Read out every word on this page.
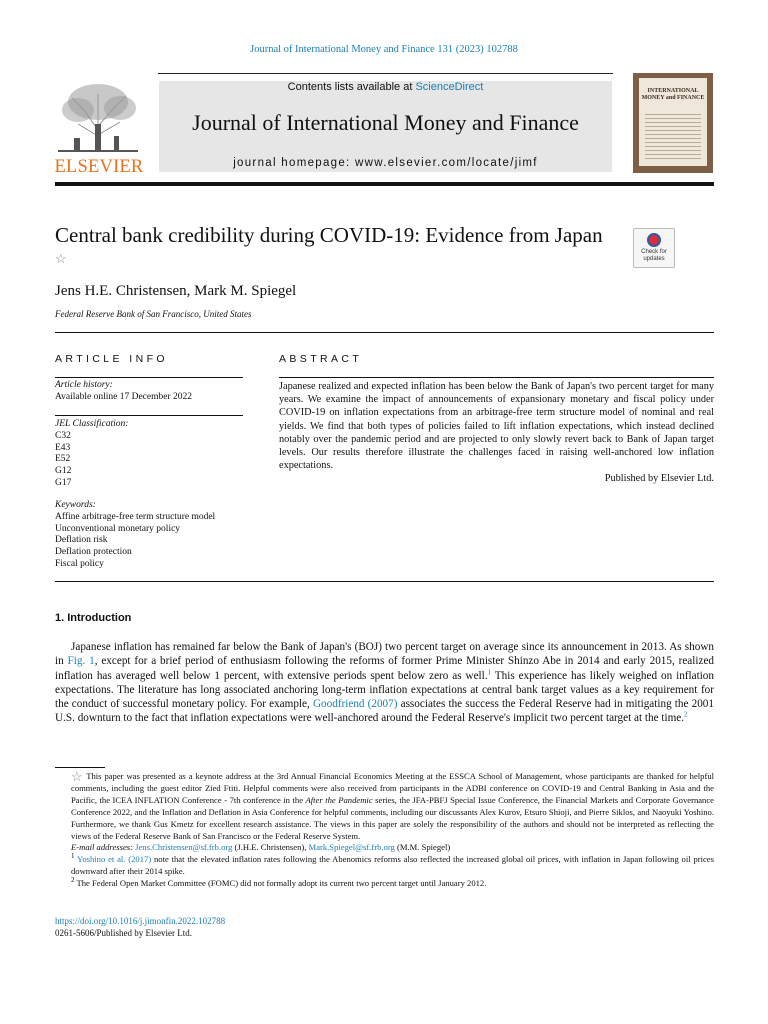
Journal of International Money and Finance 131 (2023) 102788
ELSEVIER
Contents lists available at ScienceDirect
Journal of International Money and Finance
journal homepage: www.elsevier.com/locate/jimf
INTERNATIONAL MONEY and FINANCE
Central bank credibility during COVID-19: Evidence from Japan ☆	Check for updates
Jens H.E. Christensen, Mark M. Spiegel
Federal Reserve Bank of San Francisco, United States
ARTICLE INFO
Article history:
Available online 17 December 2022
JEL Classification:
C32
E43
E52
G12
G17
Keywords:
Affine arbitrage-free term structure model
Unconventional monetary policy
Deflation risk
Deflation protection
Fiscal policy
ABSTRACT
Japanese realized and expected inflation has been below the Bank of Japan's two percent target for many years. We examine the impact of announcements of expansionary monetary and fiscal policy under COVID-19 on inflation expectations from an arbitrage-free term structure model of nominal and real yields. We find that both types of policies failed to lift inflation expectations, which instead declined notably over the pandemic period and are projected to only slowly revert back to Bank of Japan target levels. Our results therefore illustrate the challenges faced in raising well-anchored low inflation expectations.
Published by Elsevier Ltd.
1. Introduction
Japanese inflation has remained far below the Bank of Japan's (BOJ) two percent target on average since its announcement in 2013. As shown in Fig. 1, except for a brief period of enthusiasm following the reforms of former Prime Minister Shinzo Abe in 2014 and early 2015, realized inflation has averaged well below 1 percent, with extensive periods spent below zero as well.$^1$ This experience has likely weighed on inflation expectations. The literature has long associated anchoring long-term inflation expectations at central bank target values as a key requirement for the conduct of successful monetary policy. For example, Goodfriend (2007) associates the success the Federal Reserve had in mitigating the 2001 U.S. downturn to the fact that inflation expectations were well-anchored around the Federal Reserve's implicit two percent target at the time.$^2$
☆ This paper was presented as a keynote address at the 3rd Annual Financial Economics Meeting at the ESSCA School of Management, whose participants are thanked for helpful comments, including the guest editor Zied Ftiti. Helpful comments were also received from participants in the ADBI conference on COVID-19 and Central Banking in Asia and the Pacific, the ICEA INFLATION Conference - 7th conference in the After the Pandemic series, the JFA-PBFJ Special Issue Conference, the Financial Markets and Corporate Governance Conference 2022, and the Inflation and Deflation in Asia Conference for helpful comments, including our discussants Alex Kurov, Etsuro Shioji, and Pierre Siklos, and Naoyuki Yoshino. Furthermore, we thank Gus Kmetz for excellent research assistance. The views in this paper are solely the responsibility of the authors and should not be interpreted as reflecting the views of the Federal Reserve Bank of San Francisco or the Federal Reserve System.
E-mail addresses: Jens.Christensen@sf.frb.org (J.H.E. Christensen), Mark.Spiegel@sf.frb.org (M.M. Spiegel)
$^1$ Yoshino et al. (2017) note that the elevated inflation rates following the Abenomics reforms also reflected the increased global oil prices, with inflation in Japan following oil prices downward after their 2014 spike.
$^2$ The Federal Open Market Committee (FOMC) did not formally adopt its current two percent target until January 2012.
https://doi.org/10.1016/j.jimonfin.2022.102788
0261-5606/Published by Elsevier Ltd.
